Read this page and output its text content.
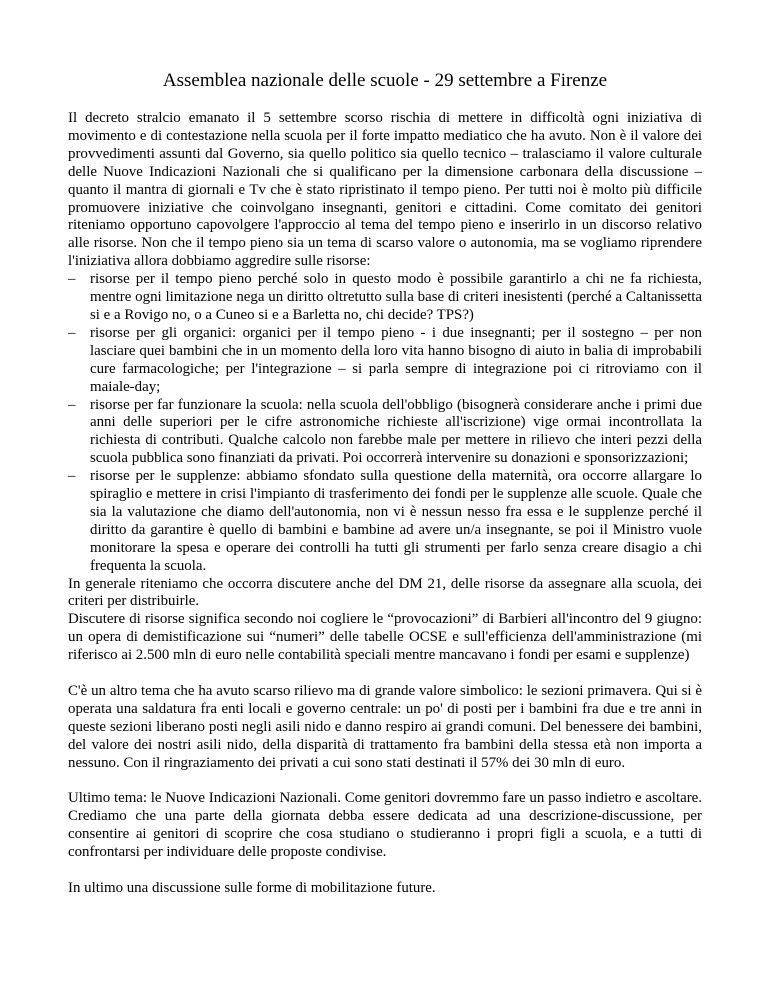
Assemblea nazionale delle scuole - 29 settembre a Firenze

Il decreto stralcio emanato il 5 settembre scorso rischia di mettere in difficoltà ogni iniziativa di movimento e di contestazione nella scuola per il forte impatto mediatico che ha avuto. Non è il valore dei provvedimenti assunti dal Governo, sia quello politico sia quello tecnico – tralasciamo il valore culturale delle Nuove Indicazioni Nazionali che si qualificano per la dimensione carbonara della discussione – quanto il mantra di giornali e Tv che è stato ripristinato il tempo pieno. Per tutti noi è molto più difficile promuovere iniziative che coinvolgano insegnanti, genitori e cittadini. Come comitato dei genitori riteniamo opportuno capovolgere l'approccio al tema del tempo pieno e inserirlo in un discorso relativo alle risorse. Non che il tempo pieno sia un tema di scarso valore o autonomia, ma se vogliamo riprendere l'iniziativa allora dobbiamo aggredire sulle risorse:

– risorse per il tempo pieno perché solo in questo modo è possibile garantirlo a chi ne fa richiesta, mentre ogni limitazione nega un diritto oltretutto sulla base di criteri inesistenti (perché a Caltanissetta si e a Rovigo no, o a Cuneo si e a Barletta no, chi decide? TPS?)
– risorse per gli organici: organici per il tempo pieno - i due insegnanti; per il sostegno – per non lasciare quei bambini che in un momento della loro vita hanno bisogno di aiuto in balia di improbabili cure farmacologiche; per l'integrazione – si parla sempre di integrazione poi ci ritroviamo con il maiale-day;
– risorse per far funzionare la scuola: nella scuola dell'obbligo (bisognerà considerare anche i primi due anni delle superiori per le cifre astronomiche richieste all'iscrizione) vige ormai incontrollata la richiesta di contributi. Qualche calcolo non farebbe male per mettere in rilievo che interi pezzi della scuola pubblica sono finanziati da privati. Poi occorrerà intervenire su donazioni e sponsorizzazioni;
– risorse per le supplenze: abbiamo sfondato sulla questione della maternità, ora occorre allargare lo spiraglio e mettere in crisi l'impianto di trasferimento dei fondi per le supplenze alle scuole. Quale che sia la valutazione che diamo dell'autonomia, non vi è nessun nesso fra essa e le supplenze perché il diritto da garantire è quello di bambini e bambine ad avere un/a insegnante, se poi il Ministro vuole monitorare la spesa e operare dei controlli ha tutti gli strumenti per farlo senza creare disagio a chi frequenta la scuola.

In generale riteniamo che occorra discutere anche del DM 21, delle risorse da assegnare alla scuola, dei criteri per distribuirle.

Discutere di risorse significa secondo noi cogliere le “provocazioni” di Barbieri all'incontro del 9 giugno: un opera di demistificazione sui “numeri” delle tabelle OCSE e sull'efficienza dell'amministrazione (mi riferisco ai 2.500 mln di euro nelle contabilità speciali mentre mancavano i fondi per esami e supplenze)

C'è un altro tema che ha avuto scarso rilievo ma di grande valore simbolico: le sezioni primavera. Qui si è operata una saldatura fra enti locali e governo centrale: un po' di posti per i bambini fra due e tre anni in queste sezioni liberano posti negli asili nido e danno respiro ai grandi comuni. Del benessere dei bambini, del valore dei nostri asili nido, della disparità di trattamento fra bambini della stessa età non importa a nessuno. Con il ringraziamento dei privati a cui sono stati destinati il 57% dei 30 mln di euro.

Ultimo tema: le Nuove Indicazioni Nazionali. Come genitori dovremmo fare un passo indietro e ascoltare. Crediamo che una parte della giornata debba essere dedicata ad una descrizione-discussione, per consentire ai genitori di scoprire che cosa studiano o studieranno i propri figli a scuola, e a tutti di confrontarsi per individuare delle proposte condivise.

In ultimo una discussione sulle forme di mobilitazione future.
